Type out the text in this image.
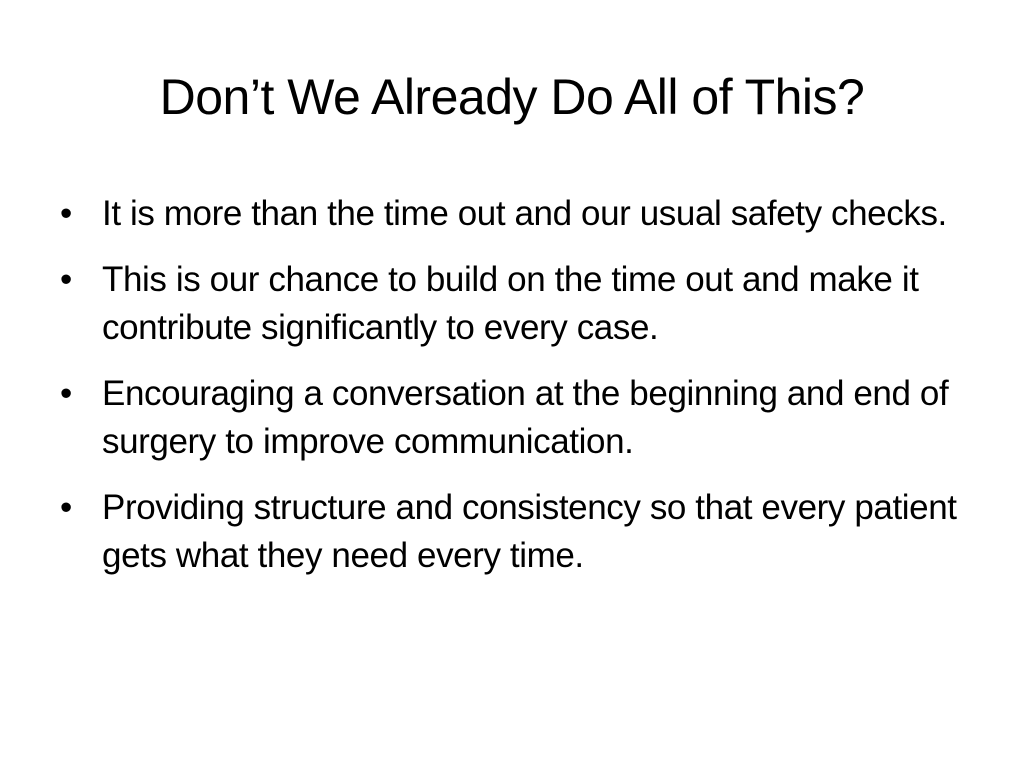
Don’t We Already Do All of This?
• It is more than the time out and our usual safety checks.
• This is our chance to build on the time out and make it contribute significantly to every case.
• Encouraging a conversation at the beginning and end of surgery to improve communication.
• Providing structure and consistency so that every patient gets what they need every time.
